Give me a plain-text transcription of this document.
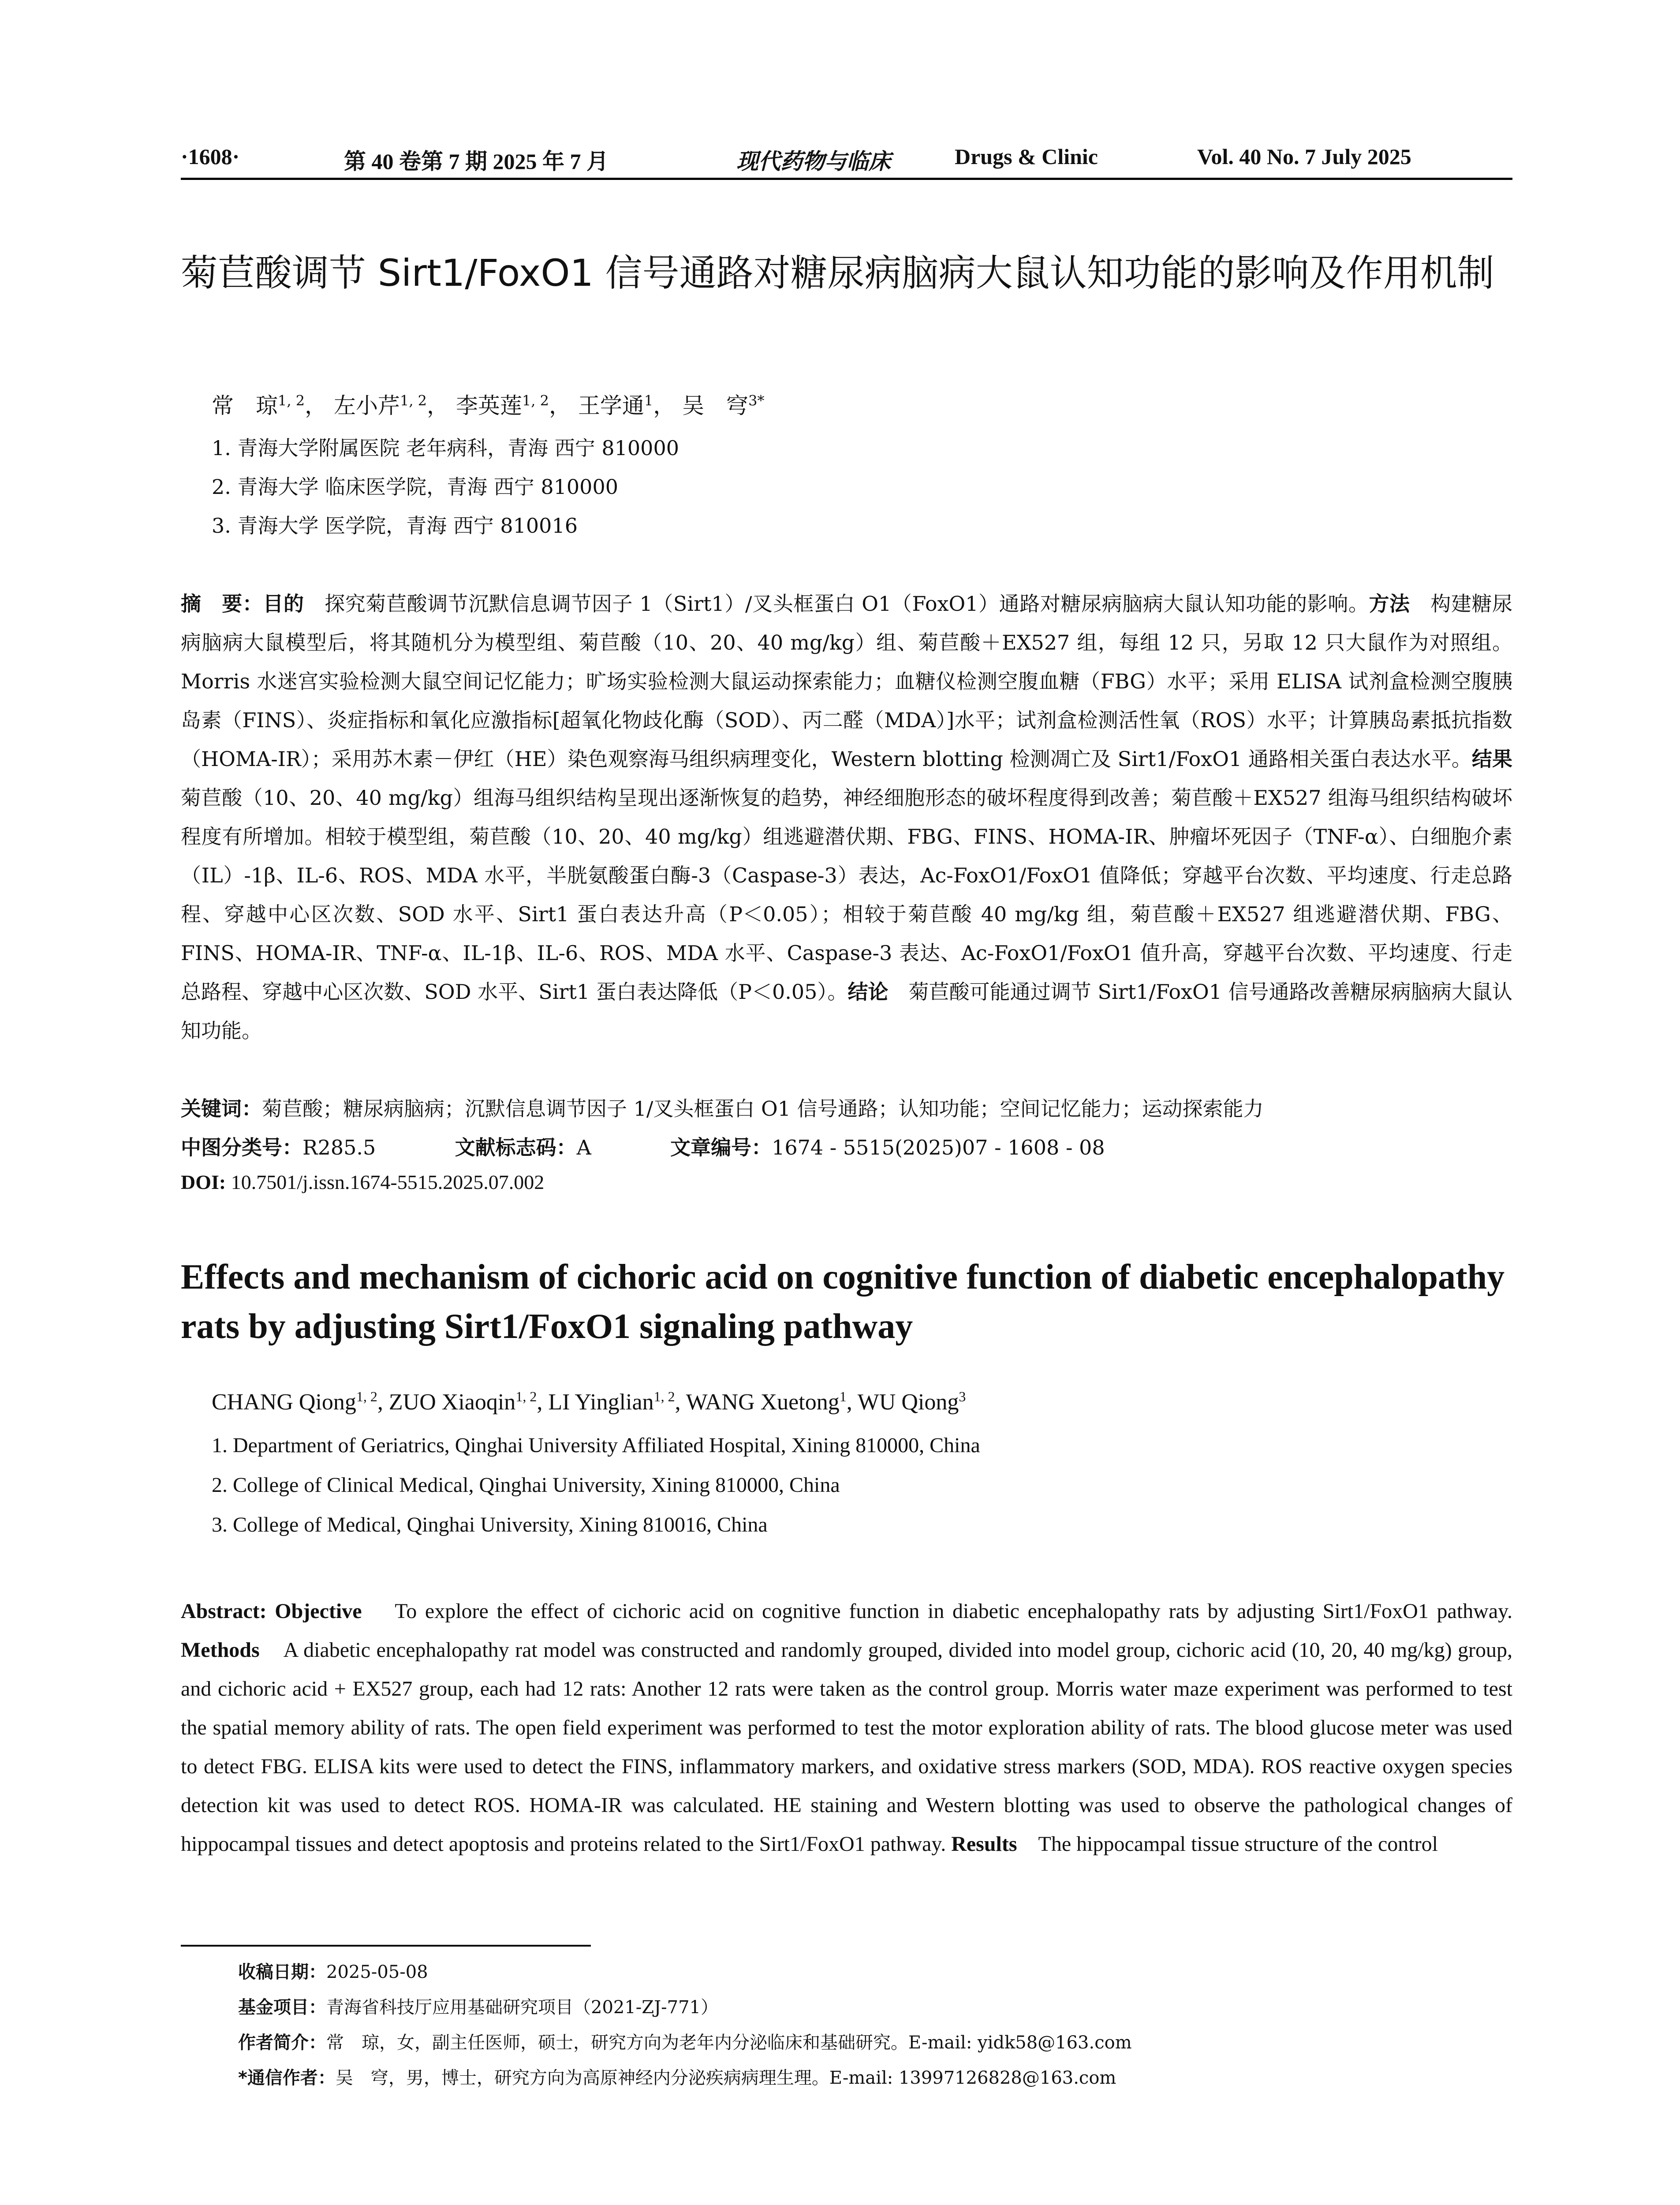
·1608·	第 40 卷第 7 期 2025 年 7 月	现代药物与临床	Drugs & Clinic	Vol. 40 No. 7 July 2025
菊苣酸调节 Sirt1/FoxO1 信号通路对糖尿病脑病大鼠认知功能的影响及作用机制
常　琼$^{1, 2}$， 左小芹$^{1, 2}$， 李英莲$^{1, 2}$， 王学通$^1$， 吴　穹$^{3*}$
1. 青海大学附属医院 老年病科，青海 西宁 810000
2. 青海大学 临床医学院，青海 西宁 810000
3. 青海大学 医学院，青海 西宁 810016
摘　要：目的　 探究菊苣酸调节沉默信息调节因子 1（Sirt1）/叉头框蛋白 O1（FoxO1）通路对糖尿病脑病大鼠认知功能的影响。方法　 构建糖尿病脑病大鼠模型后，将其随机分为模型组、菊苣酸（10、20、40 mg/kg）组、菊苣酸＋EX527 组，每组 12 只，另取 12 只大鼠作为对照组。Morris 水迷宫实验检测大鼠空间记忆能力；旷场实验检测大鼠运动探索能力；血糖仪检测空腹血糖（FBG）水平；采用 ELISA 试剂盒检测空腹胰岛素（FINS）、炎症指标和氧化应激指标[超氧化物歧化酶（SOD）、丙二醛（MDA）]水平；试剂盒检测活性氧（ROS）水平；计算胰岛素抵抗指数（HOMA-IR）；采用苏木素－伊红（HE）染色观察海马组织病理变化，Western blotting 检测凋亡及 Sirt1/FoxO1 通路相关蛋白表达水平。结果　菊苣酸（10、20、40 mg/kg）组海马组织结构呈现出逐渐恢复的趋势，神经细胞形态的破坏程度得到改善；菊苣酸＋EX527 组海马组织结构破坏程度有所增加。相较于模型组，菊苣酸（10、20、40 mg/kg）组逃避潜伏期、FBG、FINS、HOMA-IR、肿瘤坏死因子（TNF-α）、白细胞介素（IL）-1β、IL-6、ROS、MDA 水平，半胱氨酸蛋白酶-3（Caspase-3）表达，Ac-FoxO1/FoxO1 值降低；穿越平台次数、平均速度、行走总路程、穿越中心区次数、SOD 水平、Sirt1 蛋白表达升高（P＜0.05）；相较于菊苣酸 40 mg/kg 组，菊苣酸＋EX527 组逃避潜伏期、FBG、FINS、HOMA-IR、TNF-α、IL-1β、IL-6、ROS、MDA 水平、Caspase-3 表达、Ac-FoxO1/FoxO1 值升高，穿越平台次数、平均速度、行走总路程、穿越中心区次数、SOD 水平、Sirt1 蛋白表达降低（P＜0.05）。结论　 菊苣酸可能通过调节 Sirt1/FoxO1 信号通路改善糖尿病脑病大鼠认知功能。
关键词：菊苣酸；糖尿病脑病；沉默信息调节因子 1/叉头框蛋白 O1 信号通路；认知功能；空间记忆能力；运动探索能力
中图分类号：R285.5	文献标志码：A	文章编号：1674 - 5515(2025)07 - 1608 - 08
DOI: 10.7501/j.issn.1674-5515.2025.07.002
Effects and mechanism of cichoric acid on cognitive function of diabetic encephalopathy rats by adjusting Sirt1/FoxO1 signaling pathway
CHANG Qiong$^{1, 2}$, ZUO Xiaoqin$^{1, 2}$, LI Yinglian$^{1, 2}$, WANG Xuetong$^1$, WU Qiong$^3$
1. Department of Geriatrics, Qinghai University Affiliated Hospital, Xining 810000, China
2. College of Clinical Medical, Qinghai University, Xining 810000, China
3. College of Medical, Qinghai University, Xining 810016, China
Abstract: Objective To explore the effect of cichoric acid on cognitive function in diabetic encephalopathy rats by adjusting Sirt1/FoxO1 pathway. Methods A diabetic encephalopathy rat model was constructed and randomly grouped, divided into model group, cichoric acid (10, 20, 40 mg/kg) group, and cichoric acid + EX527 group, each had 12 rats: Another 12 rats were taken as the control group. Morris water maze experiment was performed to test the spatial memory ability of rats. The open field experiment was performed to test the motor exploration ability of rats. The blood glucose meter was used to detect FBG. ELISA kits were used to detect the FINS, inflammatory markers, and oxidative stress markers (SOD, MDA). ROS reactive oxygen species detection kit was used to detect ROS. HOMA-IR was calculated. HE staining and Western blotting was used to observe the pathological changes of hippocampal tissues and detect apoptosis and proteins related to the Sirt1/FoxO1 pathway. Results The hippocampal tissue structure of the control
收稿日期：2025-05-08
基金项目：青海省科技厅应用基础研究项目（2021-ZJ-771）
作者简介：常　琼，女，副主任医师，硕士，研究方向为老年内分泌临床和基础研究。E-mail: yidk58@163.com
*通信作者：吴　穹，男，博士，研究方向为高原神经内分泌疾病病理生理。E-mail: 13997126828@163.com
